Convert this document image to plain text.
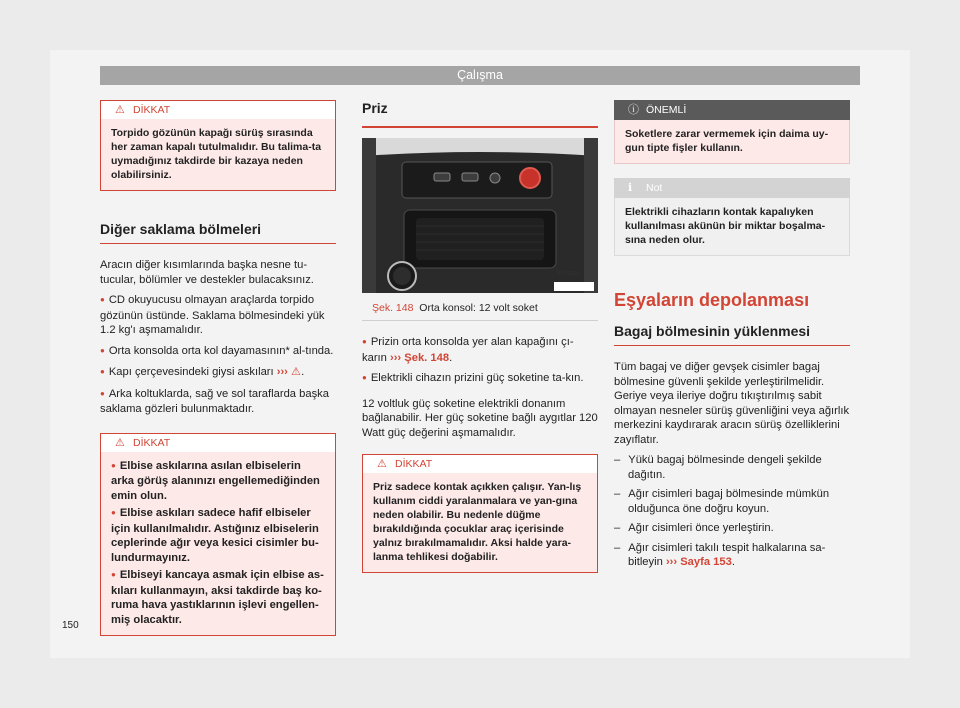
Çalışma
⚠ DİKKAT
Torpido gözünün kapağı sürüş sırasında her zaman kapalı tutulmalıdır. Bu talima-ta uymadığınız takdirde bir kazaya neden olabilirsiniz.
Diğer saklama bölmeleri

Aracın diğer kısımlarında başka nesne tu-tucular, bölümler ve destekler bulacaksınız.

● CD okuyucusu olmayan araçlarda torpido gözünün üstünde. Saklama bölmesindeki yük 1.2 kg'ı aşmamalıdır.
● Orta konsolda orta kol dayamasının* al-tında.
● Kapı çerçevesindeki giysi askıları ››› ⚠.
● Arka koltuklarda, sağ ve sol taraflarda başka saklama gözleri bulunmaktadır.
⚠ DİKKAT
● Elbise askılarına asılan elbiselerin arka görüş alanınızı engellemediğinden emin olun.
● Elbise askıları sadece hafif elbiseler için kullanılmalıdır. Astığınız elbiselerin ceplerinde ağır veya kesici cisimler bu-lundurmayınız.
● Elbiseyi kancaya asmak için elbise as-kıları kullanmayın, aksi takdirde baş ko-ruma hava yastıklarının işlevi engellen-miş olacaktır.
Priz
Şek. 148 Orta konsol: 12 volt soket
B5T-0030
● Prizin orta konsolda yer alan kapağını çı-karın ››› Şek. 148.
● Elektrikli cihazın prizini güç soketine ta-kın.

12 voltluk güç soketine elektrikli donanım bağlanabilir. Her güç soketine bağlı aygıtlar 120 Watt güç değerini aşmamalıdır.

⚠ DİKKAT
Priz sadece kontak açıkken çalışır. Yan-lış kullanım ciddi yaralanmalara ve yan-gına neden olabilir. Bu nedenle düğme bırakıldığında çocuklar araç içerisinde yalnız bırakılmamalıdır. Aksi halde yara-lanma tehlikesi doğabilir.
ⓘ ÖNEMLİ
Soketlere zarar vermemek için daima uy-gun tipte fişler kullanın.
ℹ Not
Elektrikli cihazların kontak kapalıyken kullanılması akünün bir miktar boşalma-sına neden olur.
Eşyaların depolanması
Bagaj bölmesinin yüklenmesi

Tüm bagaj ve diğer gevşek cisimler bagaj bölmesine güvenli şekilde yerleştirilmelidir. Geriye veya ileriye doğru tıkıştırılmış sabit olmayan nesneler sürüş güvenliğini veya ağırlık merkezini kaydırarak aracın sürüş özelliklerini zayıflatır.

– Yükü bagaj bölmesinde dengeli şekilde dağıtın.
– Ağır cisimleri bagaj bölmesinde mümkün olduğunca öne doğru koyun.
– Ağır cisimleri önce yerleştirin.
– Ağır cisimleri takılı tespit halkalarına sa-bitleyin ››› Sayfa 153.
150
